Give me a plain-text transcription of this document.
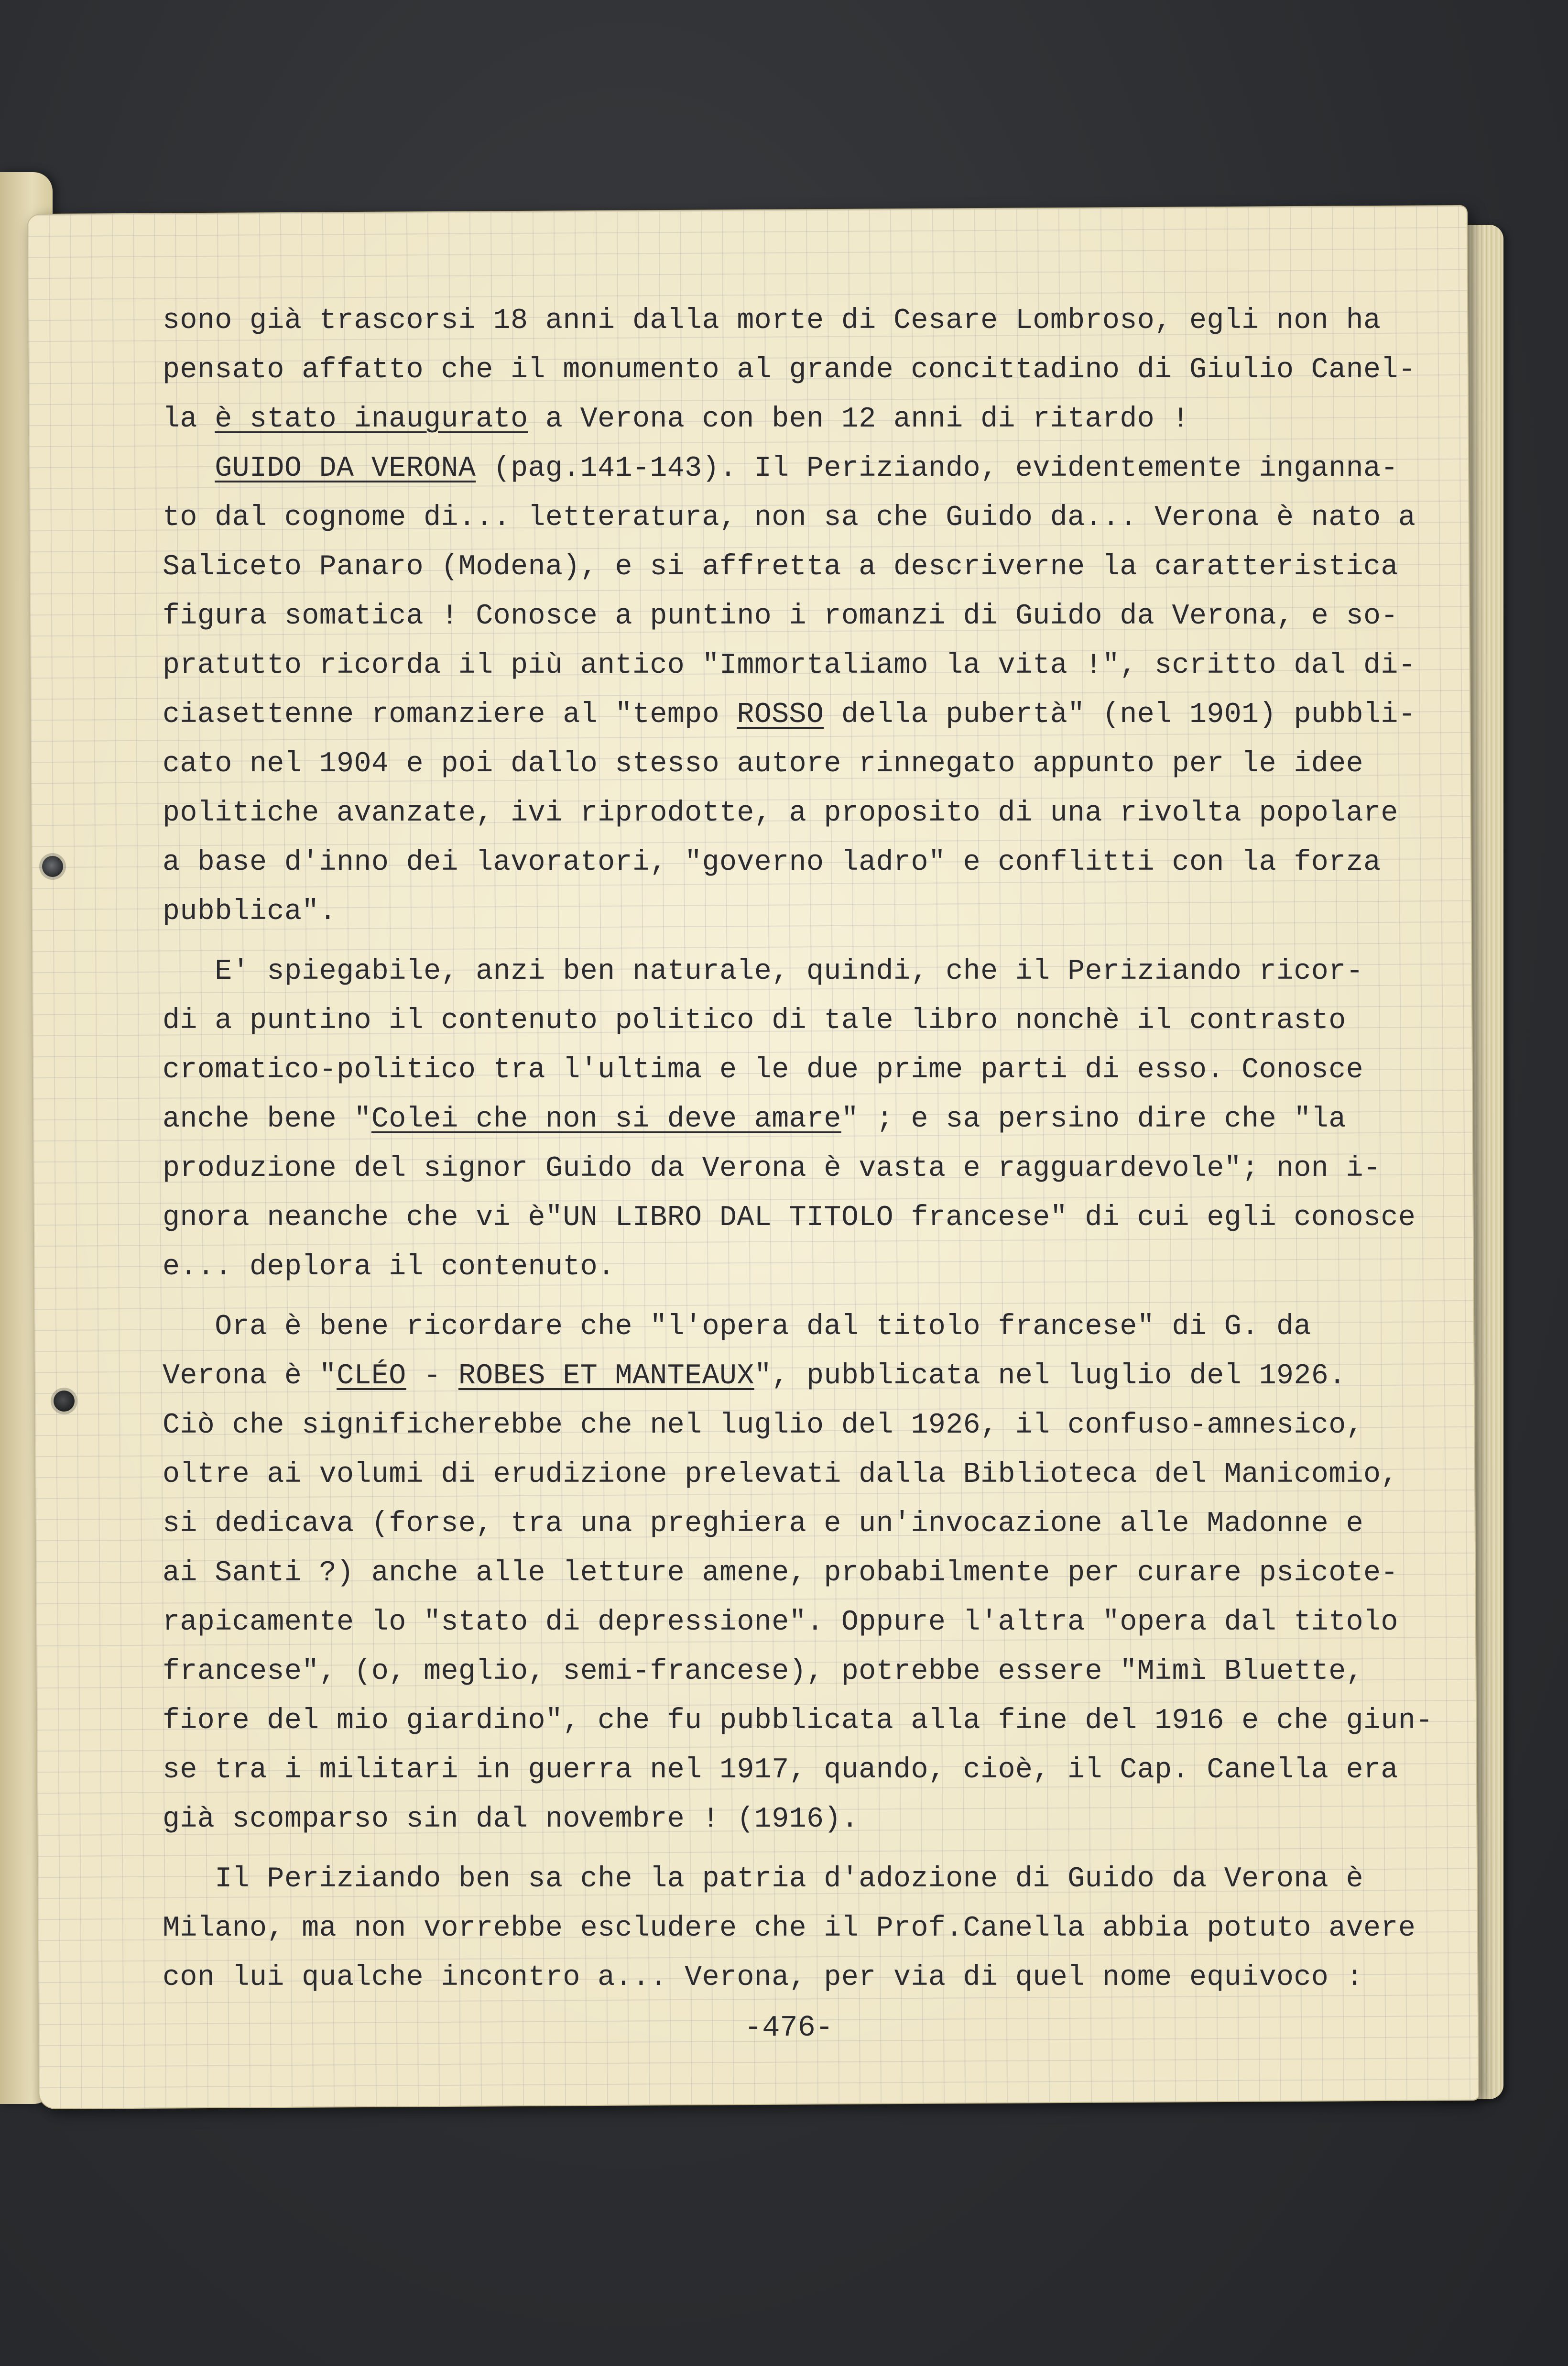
sono già trascorsi 18 anni dalla morte di Cesare Lombroso, egli non ha
pensato affatto che il monumento al grande concittadino di Giulio Canel-
la è stato inaugurato a Verona con ben 12 anni di ritardo !
GUIDO DA VERONA (pag.141-143). Il Periziando, evidentemente inganna-
to dal cognome di... letteratura, non sa che Guido da... Verona è nato a
Saliceto Panaro (Modena), e si affretta a descriverne la caratteristica
figura somatica ! Conosce a puntino i romanzi di Guido da Verona, e so-
pratutto ricorda il più antico "Immortaliamo la vita !", scritto dal di-
ciasettenne romanziere al "tempo ROSSO della pubertà" (nel 1901) pubbli-
cato nel 1904 e poi dallo stesso autore rinnegato appunto per le idee
politiche avanzate, ivi riprodotte, a proposito di una rivolta popolare
a base d'inno dei lavoratori, "governo ladro" e conflitti con la forza
pubblica".
E' spiegabile, anzi ben naturale, quindi, che il Periziando ricor-
di a puntino il contenuto politico di tale libro nonchè il contrasto
cromatico-politico tra l'ultima e le due prime parti di esso. Conosce
anche bene "Colei che non si deve amare" ; e sa persino dire che "la
produzione del signor Guido da Verona è vasta e ragguardevole"; non i-
gnora neanche che vi è"UN LIBRO DAL TITOLO francese" di cui egli conosce
e... deplora il contenuto.
Ora è bene ricordare che "l'opera dal titolo francese" di G. da
Verona è "CLÉO - ROBES ET MANTEAUX", pubblicata nel luglio del 1926.
Ciò che significherebbe che nel luglio del 1926, il confuso-amnesico,
oltre ai volumi di erudizione prelevati dalla Biblioteca del Manicomio,
si dedicava (forse, tra una preghiera e un'invocazione alle Madonne e
ai Santi ?) anche alle letture amene, probabilmente per curare psicote-
rapicamente lo "stato di depressione". Oppure l'altra "opera dal titolo
francese", (o, meglio, semi-francese), potrebbe essere "Mimì Bluette,
fiore del mio giardino", che fu pubblicata alla fine del 1916 e che giun-
se tra i militari in guerra nel 1917, quando, cioè, il Cap. Canella era
già scomparso sin dal novembre ! (1916).
Il Periziando ben sa che la patria d'adozione di Guido da Verona è
Milano, ma non vorrebbe escludere che il Prof.Canella abbia potuto avere
con lui qualche incontro a... Verona, per via di quel nome equivoco :
-476-
